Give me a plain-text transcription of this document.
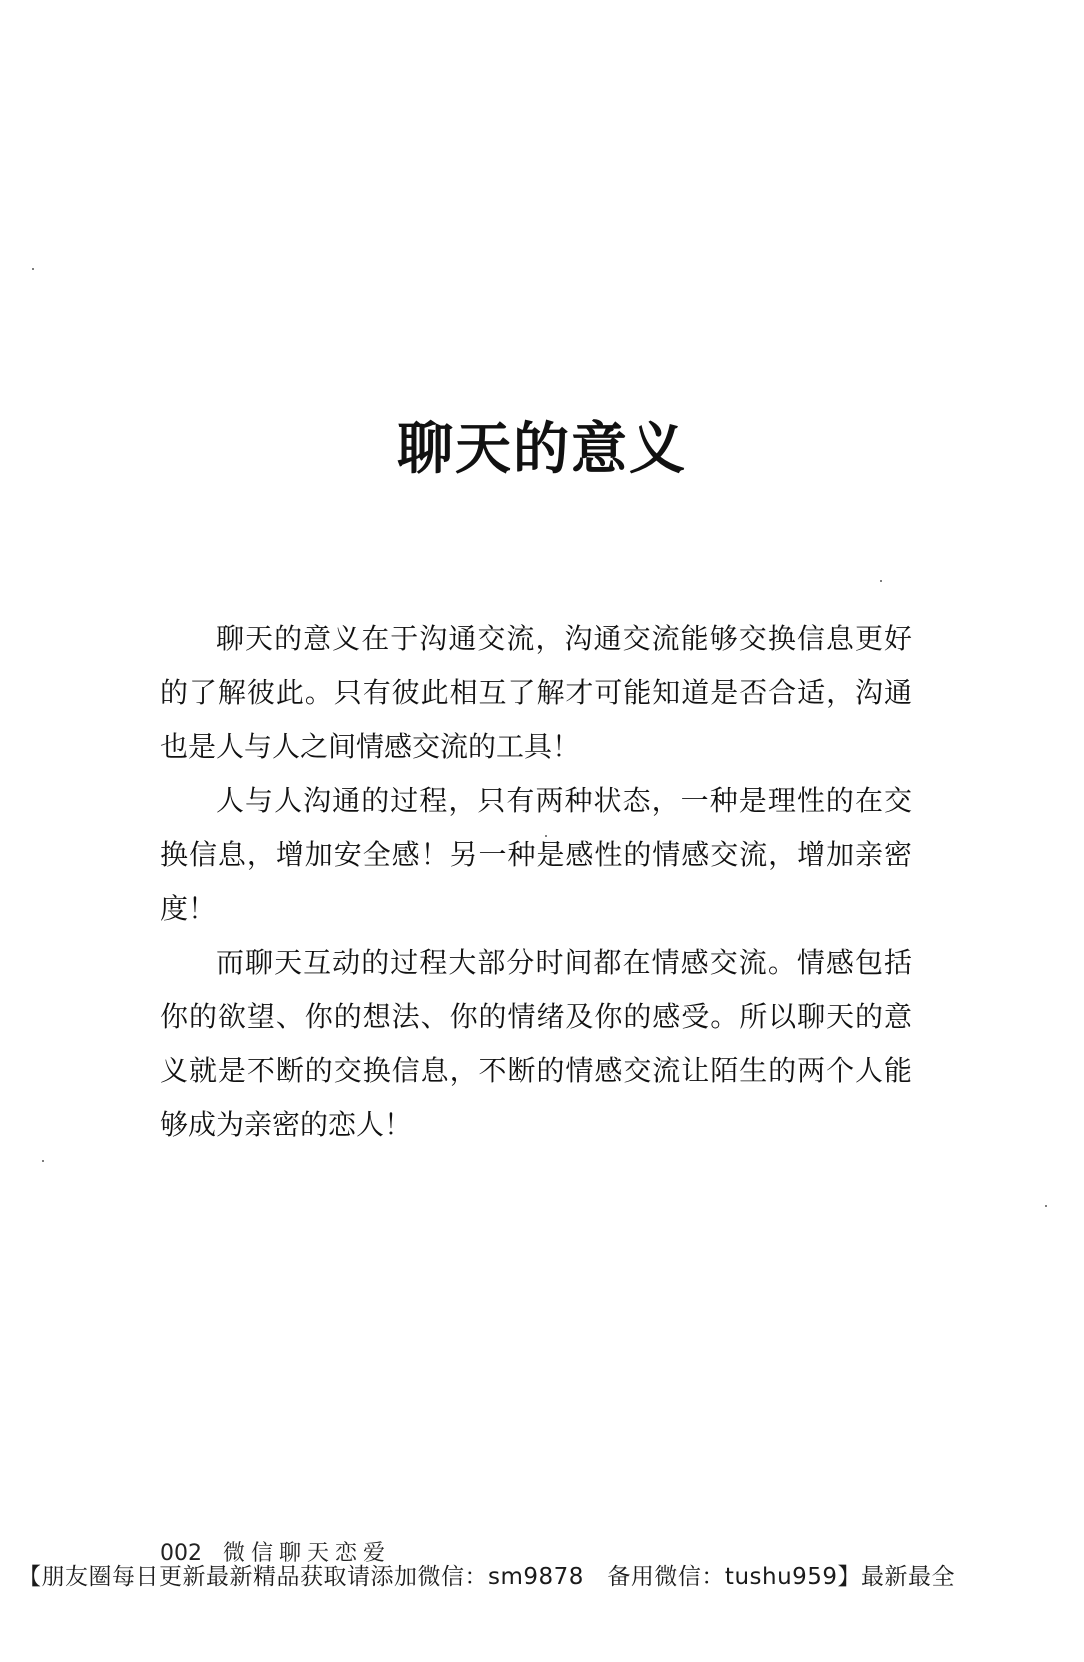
聊天的意义

聊天的意义在于沟通交流，沟通交流能够交换信息更好的了解彼此。只有彼此相互了解才可能知道是否合适，沟通也是人与人之间情感交流的工具！

人与人沟通的过程，只有两种状态，一种是理性的在交换信息，增加安全感！另一种是感性的情感交流，增加亲密度！

而聊天互动的过程大部分时间都在情感交流。情感包括你的欲望、你的想法、你的情绪及你的感受。所以聊天的意义就是不断的交换信息，不断的情感交流让陌生的两个人能够成为亲密的恋人！

002 微信聊天恋爱
【朋友圈每日更新最新精品获取请添加微信：sm9878　备用微信：tushu959】最新最全
